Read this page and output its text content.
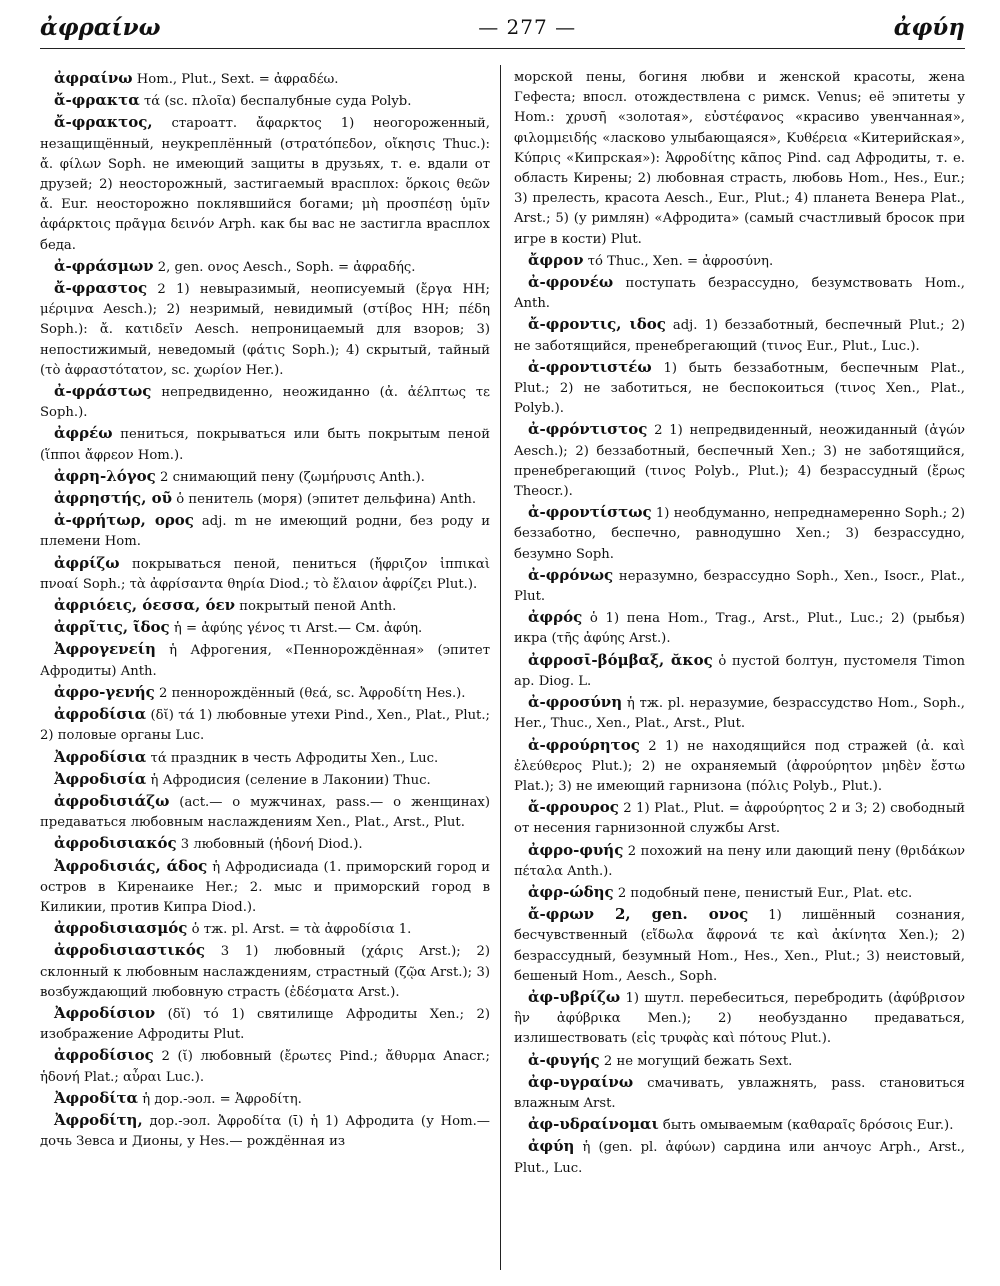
ἀφραίνω	— 277 —	ἀφύη

ἀφραίνω Hom., Plut., Sext. = ἀφραδέω.

ἄ-φρακτα τά (sc. πλοῖα) беспалубные суда Polyb.

ἄ-φρακτος, староатт. ἄφαρκτος 1) неогороженный, незащищённый, неукреплённый (στρατόπεδον, οἴκησις Thuc.): ἄ. φίλων Soph. не имеющий защиты в друзьях, т. е. вдали от друзей; 2) неосторожный, застигаемый врасплох: ὅρκοις θεῶν ἄ. Eur. неосторожно поклявшийся богами; μὴ προσπέσῃ ὑμῖν ἀφάρκτοις πρᾶγμα δεινόν Arph. как бы вас не застигла врасплох беда.

ἀ-φράσμων 2, gen. ονος Aesch., Soph. = ἀφραδής.

ἄ-φραστος 2 1) невыразимый, неописуемый (ἔργα HH; μέριμνα Aesch.); 2) незримый, невидимый (στίβος HH; πέδη Soph.): ἄ. κατιδεῖν Aesch. непроницаемый для взоров; 3) непостижимый, неведомый (φάτις Soph.); 4) скрытый, тайный (τὸ ἀφραστότατον, sc. χωρίον Her.).

ἀ-φράστως непредвиденно, неожиданно (ἀ. ἀέλπτως τε Soph.).

ἀφρέω пениться, покрываться или быть покрытым пеной (ἵπποι ἄφρεον Hom.).

ἀφρη-λόγος 2 снимающий пену (ζωμήρυσις Anth.).

ἀφρηστής, οῦ ὁ пенитель (моря) (эпитет дельфина) Anth.

ἀ-φρήτωρ, ορος adj. m не имеющий родни, без роду и племени Hom.

ἀφρίζω покрываться пеной, пениться (ἤφριζον ἱππικαὶ πνοαί Soph.; τὰ ἀφρίσαντα θηρία Diod.; τὸ ἔλαιον ἀφρίζει Plut.).

ἀφριόεις, όεσσα, όεν покрытый пеной Anth.

ἀφρῖτις, ῖδος ἡ = ἀφύης γένος τι Arst.— См. ἀφύη.

Ἀφρογενείη ἡ Афрогения, «Пеннорождённая» (эпитет Афродиты) Anth.

ἀφρο-γενής 2 пеннорождённый (θεά, sc. Ἀφροδίτη Hes.).

ἀφροδίσια (δῐ) τά 1) любовные утехи Pind., Xen., Plat., Plut.; 2) половые органы Luc.

Ἀφροδίσια τά праздник в честь Афродиты Xen., Luc.

Ἀφροδισία ἡ Афродисия (селение в Лаконии) Thuc.

ἀφροδισιάζω (act.— о мужчинах, pass.— о женщинах) предаваться любовным наслаждениям Xen., Plat., Arst., Plut.

ἀφροδισιακός 3 любовный (ἡδονή Diod.).

Ἀφροδισιάς, άδος ἡ Афродисиада (1. приморский город и остров в Киренаике Her.; 2. мыс и приморский город в Киликии, против Кипра Diod.).

ἀφροδισιασμός ὁ тж. pl. Arst. = τὰ ἀφροδίσια 1.

ἀφροδισιαστικός 3 1) любовный (χάρις Arst.); 2) склонный к любовным наслаждениям, страстный (ζῷα Arst.); 3) возбуждающий любовную страсть (ἐδέσματα Arst.).

Ἀφροδίσιον (δῐ) τό 1) святилище Афродиты Xen.; 2) изображение Афродиты Plut.

ἀφροδίσιος 2 (ῐ) любовный (ἔρωτες Pind.; ἄθυρμα Anacr.; ἡδονή Plat.; αὖραι Luc.).

Ἀφροδίτα ἡ дор.-эол. = Ἀφροδίτη.

Ἀφροδίτη, дор.-эол. Ἀφροδίτα (ῑ) ἡ 1) Афродита (у Hom.— дочь Зевса и Дионы, у Hes.— рождённая из

морской пены, богиня любви и женской красоты, жена Гефеста; впосл. отождествлена с римск. Venus; её эпитеты у Hom.: χρυσῆ «золотая», εὐστέφανος «красиво увенчанная», φιλομμειδής «ласково улыбающаяся», Κυθέρεια «Китерийская», Κύπρις «Кипрская»): Ἀφροδίτης κᾶπος Pind. сад Афродиты, т. е. область Кирены; 2) любовная страсть, любовь Hom., Hes., Eur.; 3) прелесть, красота Aesch., Eur., Plut.; 4) планета Венера Plat., Arst.; 5) (у римлян) «Афродита» (самый счастливый бросок при игре в кости) Plut.

ἄφρον τό Thuc., Xen. = ἀφροσύνη.

ἀ-φρονέω поступать безрассудно, безумствовать Hom., Anth.

ἄ-φροντις, ιδος adj. 1) беззаботный, беспечный Plut.; 2) не заботящийся, пренебрегающий (τινος Eur., Plut., Luc.).

ἀ-φροντιστέω 1) быть беззаботным, беспечным Plat., Plut.; 2) не заботиться, не беспокоиться (τινος Xen., Plat., Polyb.).

ἀ-φρόντιστος 2 1) непредвиденный, неожиданный (ἀγών Aesch.); 2) беззаботный, беспечный Xen.; 3) не заботящийся, пренебрегающий (τινος Polyb., Plut.); 4) безрассудный (ἔρως Theocr.).

ἀ-φροντίστως 1) необдуманно, непреднамеренно Soph.; 2) беззаботно, беспечно, равнодушно Xen.; 3) безрассудно, безумно Soph.

ἀ-φρόνως неразумно, безрассудно Soph., Xen., Isocr., Plat., Plut.

ἀφρός ὁ 1) пена Hom., Trag., Arst., Plut., Luc.; 2) (рыбья) икра (τῆς ἀφύης Arst.).

ἀφροσῑ-βόμβαξ, ᾰκος ὁ пустой болтун, пустомеля Timon ap. Diog. L.

ἀ-φροσύνη ἡ тж. pl. неразумие, безрассудство Hom., Soph., Her., Thuc., Xen., Plat., Arst., Plut.

ἀ-φρούρητος 2 1) не находящийся под стражей (ἀ. καὶ ἐλεύθερος Plut.); 2) не охраняемый (ἀφρούρητον μηδὲν ἔστω Plat.); 3) не имеющий гарнизона (πόλις Polyb., Plut.).

ἄ-φρουρος 2 1) Plat., Plut. = ἀφρούρητος 2 и 3; 2) свободный от несения гарнизонной службы Arst.

ἀφρο-φυής 2 похожий на пену или дающий пену (θριδάκων πέταλα Anth.).

ἀφρ-ώδης 2 подобный пене, пенистый Eur., Plat. etc.

ἄ-φρων 2, gen. ονος 1) лишённый сознания, бесчувственный (εἴδωλα ἄφρονά τε καὶ ἀκίνητα Xen.); 2) безрассудный, безумный Hom., Hes., Xen., Plut.; 3) неистовый, бешеный Hom., Aesch., Soph.

ἀφ-υβρίζω 1) шутл. перебеситься, перебродить (ἀφύβρισον ἣν ἀφύβρικα Men.); 2) необузданно предаваться, излишествовать (εἰς τρυφὰς καὶ πότους Plut.).

ἀ-φυγής 2 не могущий бежать Sext.

ἀφ-υγραίνω смачивать, увлажнять, pass. становиться влажным Arst.

ἀφ-υδραίνομαι быть омываемым (καθαραῖς δρόσοις Eur.).

ἀφύη ἡ (gen. pl. ἀφύων) сардина или анчоус Arph., Arst., Plut., Luc.
